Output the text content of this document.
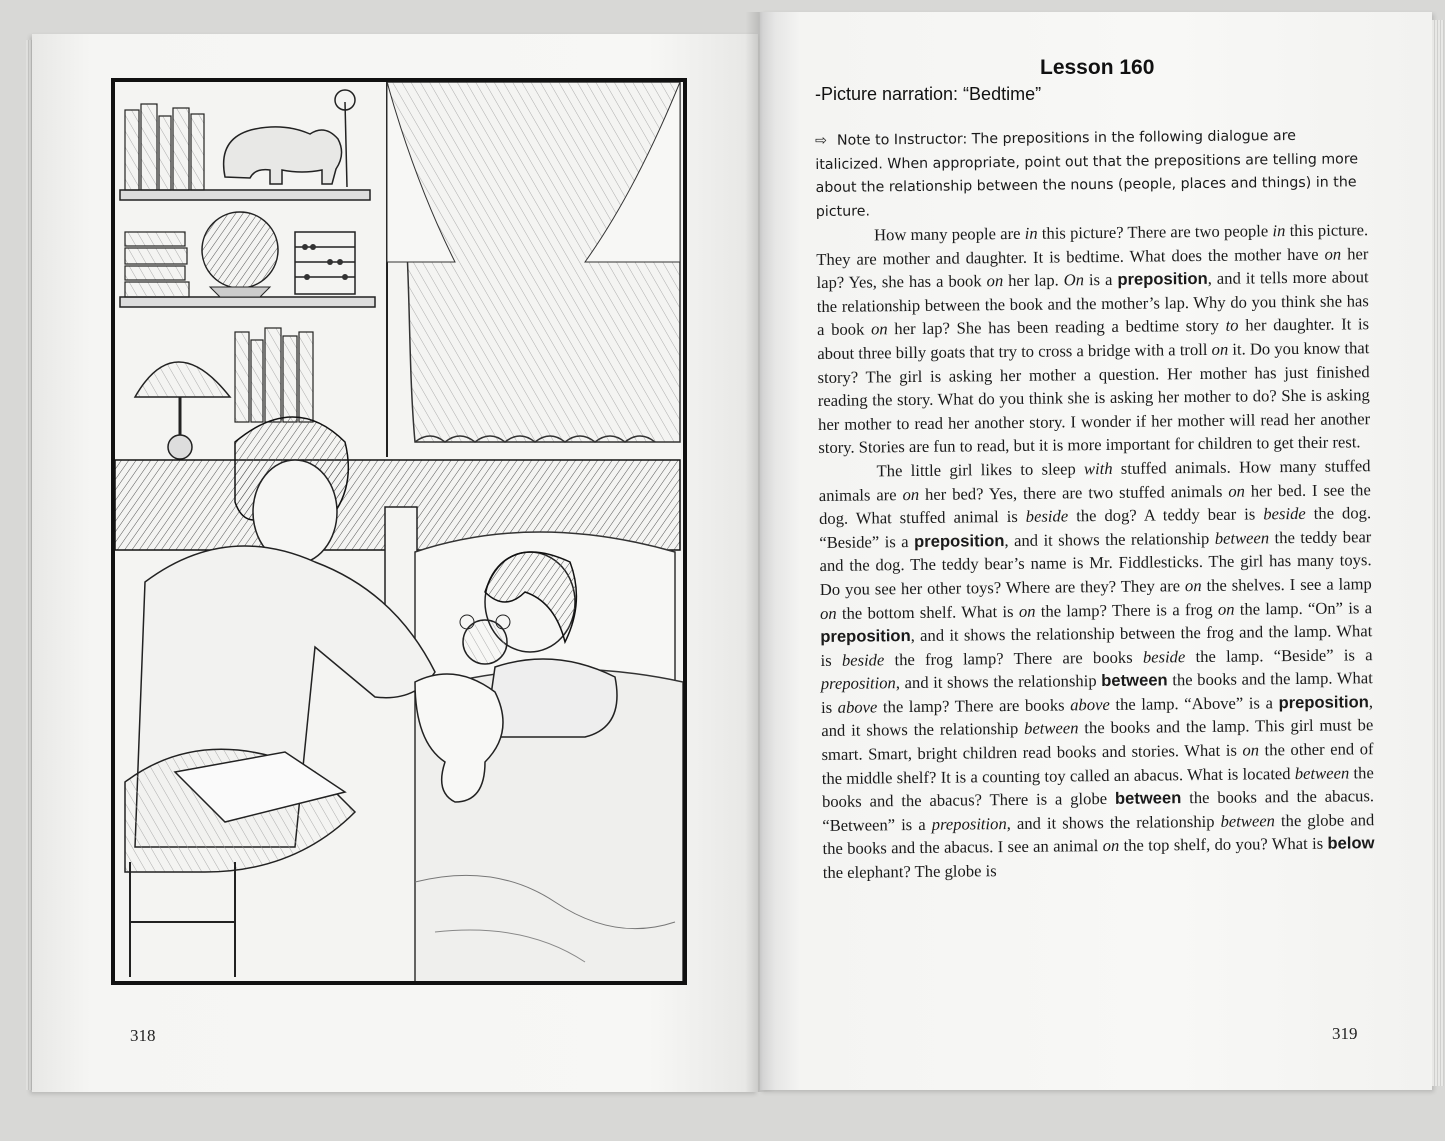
318	319
Lesson 160
-Picture narration: “Bedtime”

⇨ Note to Instructor: The prepositions in the following dialogue are italicized. When appropriate, point out that the prepositions are telling more about the relationship between the nouns (people, places and things) in the picture.

How many people are in this picture? There are two people in this picture. They are mother and daughter. It is bedtime. What does the mother have on her lap? Yes, she has a book on her lap. On is a preposition, and it tells more about the relationship between the book and the mother’s lap. Why do you think she has a book on her lap? She has been reading a bedtime story to her daughter. It is about three billy goats that try to cross a bridge with a troll on it. Do you know that story? The girl is asking her mother a question. Her mother has just finished reading the story. What do you think she is asking her mother to do? She is asking her mother to read her another story. I wonder if her mother will read her another story. Stories are fun to read, but it is more important for children to get their rest.

The little girl likes to sleep with stuffed animals. How many stuffed animals are on her bed? Yes, there are two stuffed animals on her bed. I see the dog. What stuffed animal is beside the dog? A teddy bear is beside the dog. “Beside” is a preposition, and it shows the relationship between the teddy bear and the dog. The teddy bear’s name is Mr. Fiddlesticks. The girl has many toys. Do you see her other toys? Where are they? They are on the shelves. I see a lamp on the bottom shelf. What is on the lamp? There is a frog on the lamp. “On” is a preposition, and it shows the relationship between the frog and the lamp. What is beside the frog lamp? There are books beside the lamp. “Beside” is a preposition, and it shows the relationship between the books and the lamp. What is above the lamp? There are books above the lamp. “Above” is a preposition, and it shows the relationship between the books and the lamp. This girl must be smart. Smart, bright children read books and stories. What is on the other end of the middle shelf? It is a counting toy called an abacus. What is located between the books and the abacus? There is a globe between the books and the abacus. “Between” is a preposition, and it shows the relationship between the globe and the books and the abacus. I see an animal on the top shelf, do you? What is below the elephant? The globe is
